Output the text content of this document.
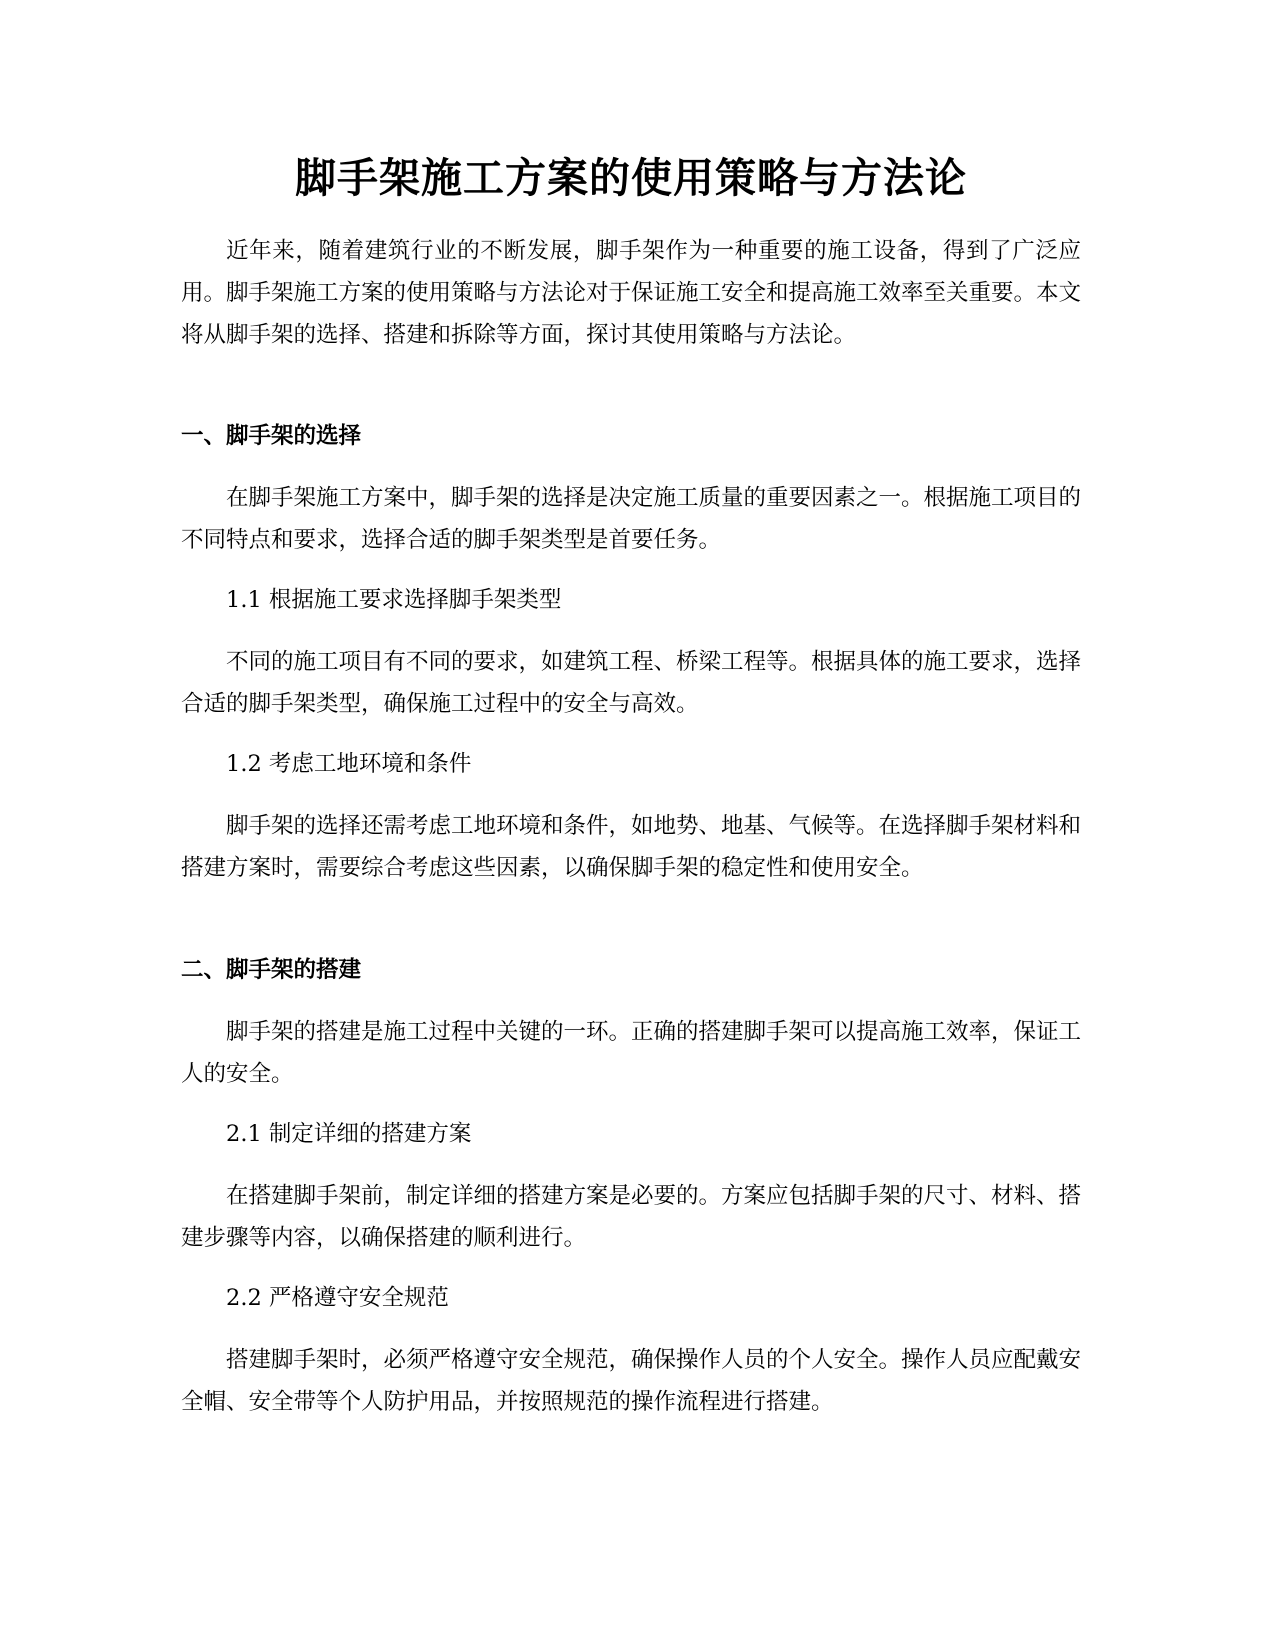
脚手架施工方案的使用策略与方法论

近年来，随着建筑行业的不断发展，脚手架作为一种重要的施工设备，得到了广泛应用。脚手架施工方案的使用策略与方法论对于保证施工安全和提高施工效率至关重要。本文将从脚手架的选择、搭建和拆除等方面，探讨其使用策略与方法论。

一、脚手架的选择

在脚手架施工方案中，脚手架的选择是决定施工质量的重要因素之一。根据施工项目的不同特点和要求，选择合适的脚手架类型是首要任务。

1.1 根据施工要求选择脚手架类型

不同的施工项目有不同的要求，如建筑工程、桥梁工程等。根据具体的施工要求，选择合适的脚手架类型，确保施工过程中的安全与高效。

1.2 考虑工地环境和条件

脚手架的选择还需考虑工地环境和条件，如地势、地基、气候等。在选择脚手架材料和搭建方案时，需要综合考虑这些因素，以确保脚手架的稳定性和使用安全。

二、脚手架的搭建

脚手架的搭建是施工过程中关键的一环。正确的搭建脚手架可以提高施工效率，保证工人的安全。

2.1 制定详细的搭建方案

在搭建脚手架前，制定详细的搭建方案是必要的。方案应包括脚手架的尺寸、材料、搭建步骤等内容，以确保搭建的顺利进行。

2.2 严格遵守安全规范

搭建脚手架时，必须严格遵守安全规范，确保操作人员的个人安全。操作人员应配戴安全帽、安全带等个人防护用品，并按照规范的操作流程进行搭建。
